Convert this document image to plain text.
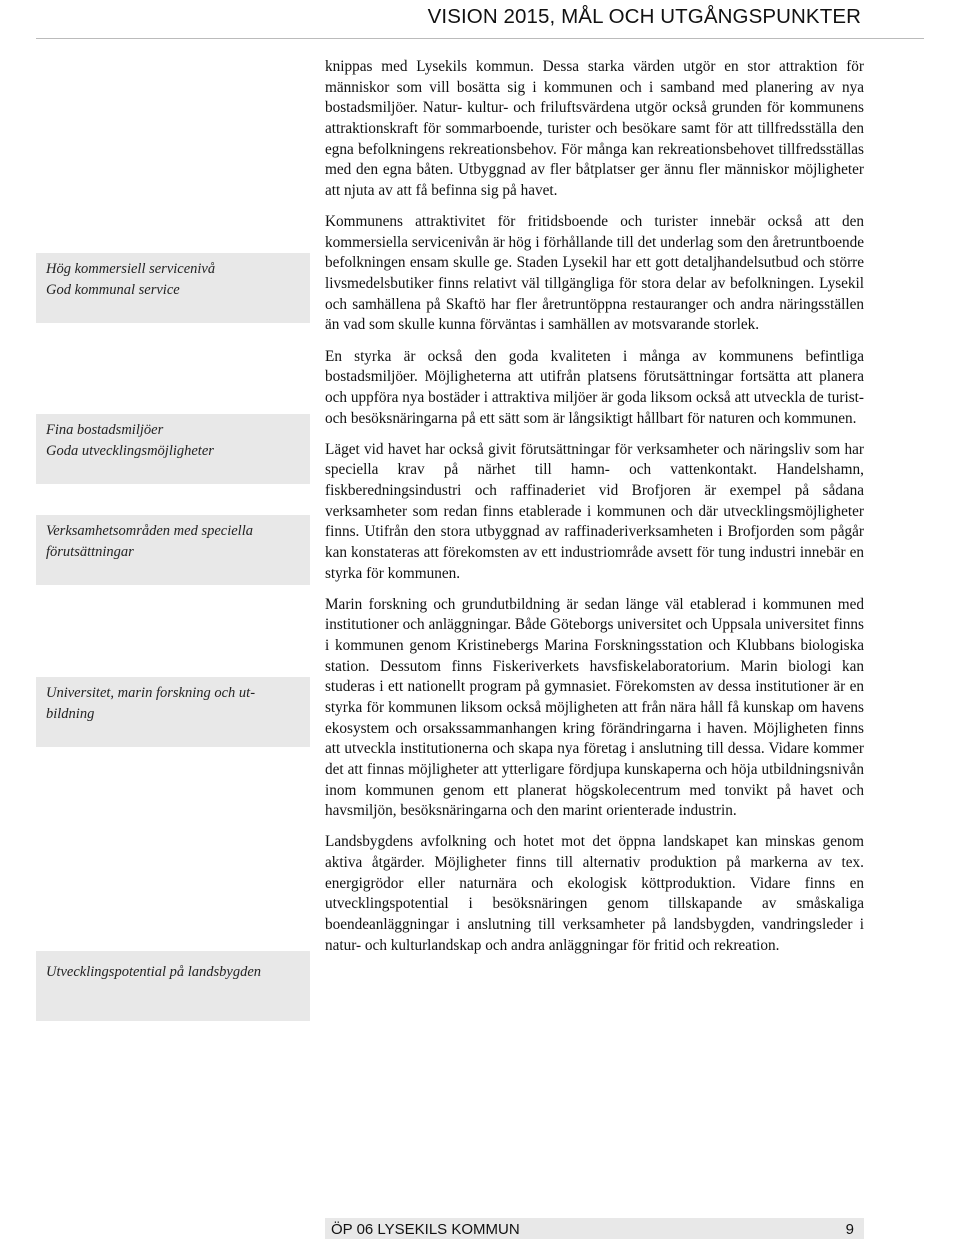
VISION 2015, MÅL OCH UTGÅNGSPUNKTER
Hög kommersiell servicenivå
God kommunal service
Fina bostadsmiljöer
Goda utvecklingsmöjligheter
Verksamhetsområden med speciella
förutsättningar
Universitet, marin forskning och ut-
bildning
Utvecklingspotential på landsbygden

knippas med Lysekils kommun. Dessa starka värden utgör en stor attraktion för människor som vill bosätta sig i kommunen och i samband med planering av nya bostadsmiljöer. Natur- kultur- och friluftsvärdena utgör också grunden för kommunens attraktionskraft för sommarboende, turister och besökare samt för att tillfredsställa den egna befolkningens rekreationsbehov. För många kan rekreationsbehovet tillfredsställas med den egna båten. Utbyggnad av fler båtplatser ger ännu fler människor möjligheter att njuta av att få befinna sig på havet.

Kommunens attraktivitet för fritidsboende och turister innebär också att den kommersiella servicenivån är hög i förhållande till det underlag som den åretruntboende befolkningen ensam skulle ge. Staden Lysekil har ett gott detaljhandelsutbud och större livsmedelsbutiker finns relativt väl tillgängliga för stora delar av befolkningen. Lysekil och samhällena på Skaftö har fler åretruntöppna restauranger och andra näringsställen än vad som skulle kunna förväntas i samhällen av motsvarande storlek.

En styrka är också den goda kvaliteten i många av kommunens befintliga bostadsmiljöer. Möjligheterna att utifrån platsens förutsättningar fortsätta att planera och uppföra nya bostäder i attraktiva miljöer är goda liksom också att utveckla de turist- och besöksnäringarna på ett sätt som är långsiktigt hållbart för naturen och kommunen.

Läget vid havet har också givit förutsättningar för verksamheter och näringsliv som har speciella krav på närhet till hamn- och vattenkontakt. Handelshamn, fiskberedningsindustri och raffinaderiet vid Brofjoren är exempel på sådana verksamheter som redan finns etablerade i kommunen och där utvecklingsmöjligheter finns. Utifrån den stora utbyggnad av raffinaderiverksamheten i Brofjorden som pågår kan konstateras att förekomsten av ett industriområde avsett för tung industri innebär en styrka för kommunen.

Marin forskning och grundutbildning är sedan länge väl etablerad i kommunen med institutioner och anläggningar. Både Göteborgs universitet och Uppsala universitet finns i kommunen genom Kristinebergs Marina Forskningsstation och Klubbans biologiska station. Dessutom finns Fiskeriverkets havsfiskelaboratorium. Marin biologi kan studeras i ett nationellt program på gymnasiet. Förekomsten av dessa institutioner är en styrka för kommunen liksom också möjligheten att från nära håll få kunskap om havens ekosystem och orsakssammanhangen kring förändringarna i haven. Möjligheten finns att utveckla institutionerna och skapa nya företag i anslutning till dessa. Vidare kommer det att finnas möjligheter att ytterligare fördjupa kunskaperna och höja utbildningsnivån inom kommunen genom ett planerat högskolecentrum med tonvikt på havet och havsmiljön, besöksnäringarna och den marint orienterade industrin.

Landsbygdens avfolkning och hotet mot det öppna landskapet kan minskas genom aktiva åtgärder. Möjligheter finns till alternativ produktion på markerna av tex. energigrödor eller naturnära och ekologisk köttproduktion. Vidare finns en utvecklingspotential i besöksnäringen genom tillskapande av småskaliga boendeanläggningar i anslutning till verksamheter på landsbygden, vandringsleder i natur- och kulturlandskap och andra anläggningar för fritid och rekreation.

ÖP 06 LYSEKILS KOMMUN	9
